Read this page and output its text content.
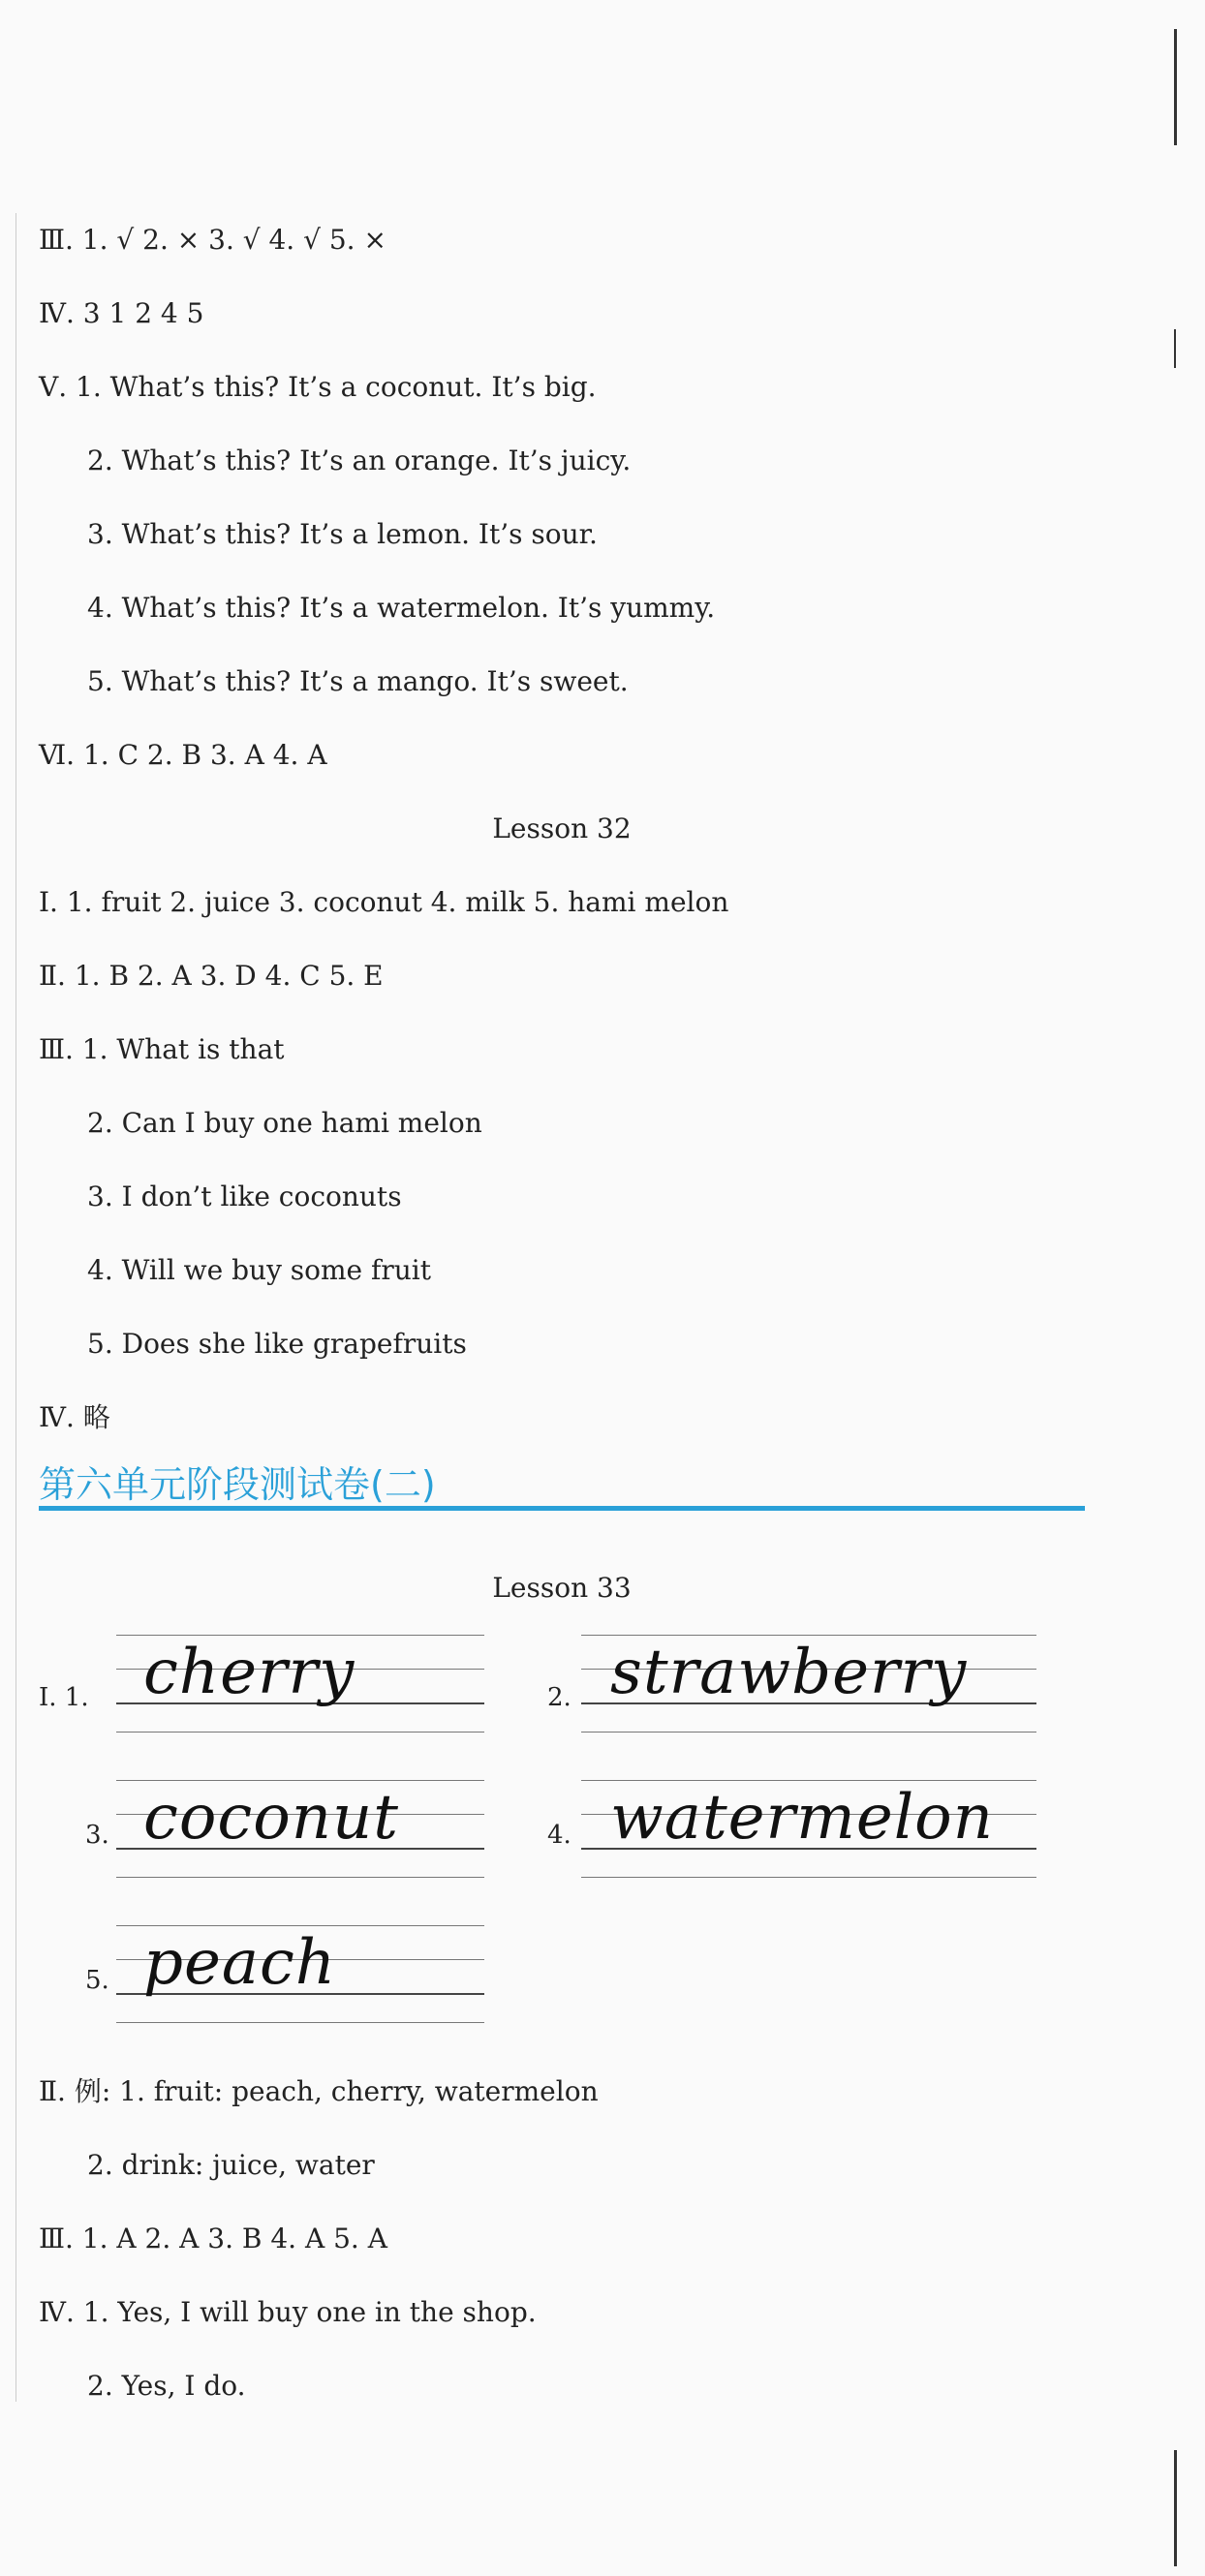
Ⅲ. 1. √ 2. × 3. √ 4. √ 5. ×
Ⅳ. 3 1 2 4 5
Ⅴ. 1. What’s this? It’s a coconut. It’s big.
2. What’s this? It’s an orange. It’s juicy.
3. What’s this? It’s a lemon. It’s sour.
4. What’s this? It’s a watermelon. It’s yummy.
5. What’s this? It’s a mango. It’s sweet.
Ⅵ. 1. C 2. B 3. A 4. A
Lesson 32
Ⅰ. 1. fruit 2. juice 3. coconut 4. milk 5. hami melon
Ⅱ. 1. B 2. A 3. D 4. C 5. E
Ⅲ. 1. What is that
2. Can I buy one hami melon
3. I don’t like coconuts
4. Will we buy some fruit
5. Does she like grapefruits
Ⅳ. 略
第六单元阶段测试卷(二)
Lesson 33
Ⅰ. 1. cherry	2. strawberry
3. coconut	4. watermelon
5. peach
Ⅱ. 例: 1. fruit: peach, cherry, watermelon
2. drink: juice, water
Ⅲ. 1. A 2. A 3. B 4. A 5. A
Ⅳ. 1. Yes, I will buy one in the shop.
2. Yes, I do.
